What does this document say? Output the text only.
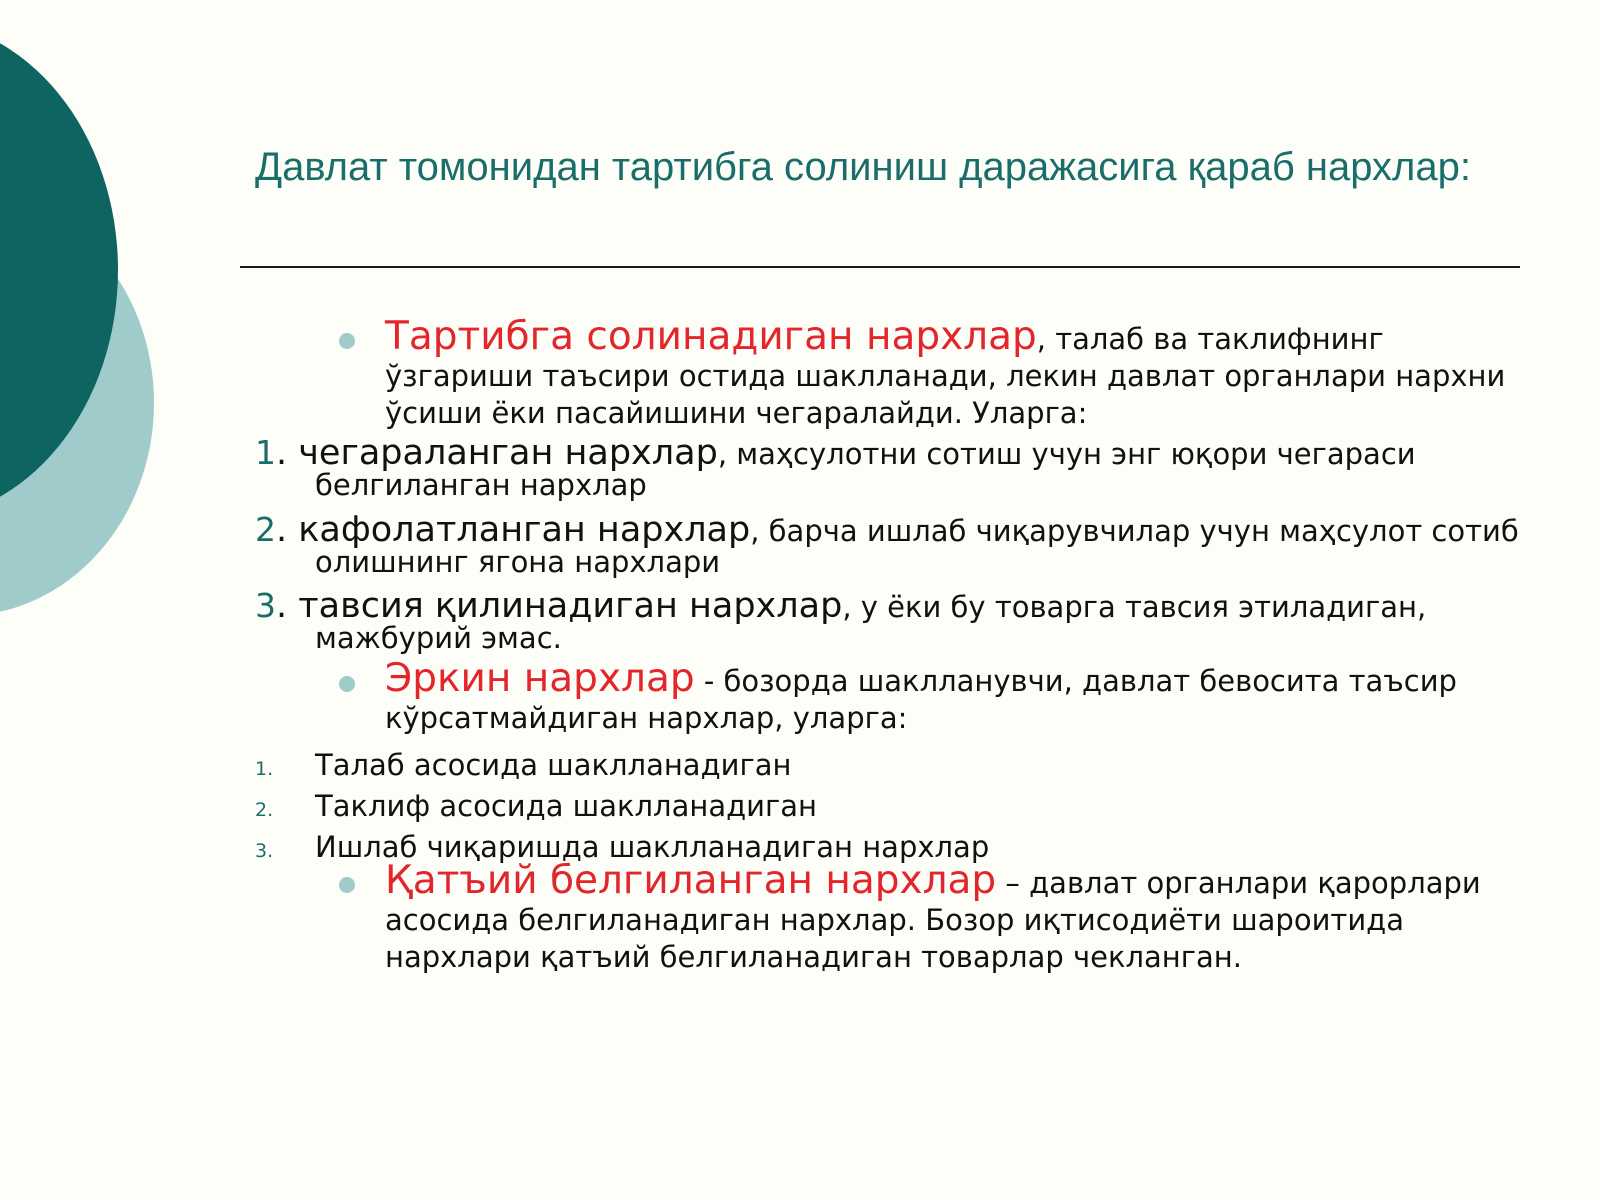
Давлат томонидан тартибга солиниш даражасига қараб нархлар:
Тартибга солинадиган нархлар, талаб ва таклифнинг ўзгариши таъсири остида шаклланади, лекин давлат органлари нархни ўсиши ёки пасайишини чегаралайди. Уларга:
1. чегараланган нархлар, маҳсулотни сотиш учун энг юқори чегараси белгиланган нархлар
2. кафолатланган нархлар, барча ишлаб чиқарувчилар учун маҳсулот сотиб олишнинг ягона нархлари
3. тавсия қилинадиган нархлар, у ёки бу товарга тавсия этиладиган, мажбурий эмас.
Эркин нархлар - бозорда шаклланувчи, давлат бевосита таъсир кўрсатмайдиган нархлар, уларга:
1. Талаб асосида шаклланадиган
2. Таклиф асосида шаклланадиган
3. Ишлаб чиқаришда шаклланадиган нархлар
Қатъий белгиланган нархлар – давлат органлари қарорлари асосида белгиланадиган нархлар. Бозор иқтисодиёти шароитида нархлари қатъий белгиланадиган товарлар чекланган.
